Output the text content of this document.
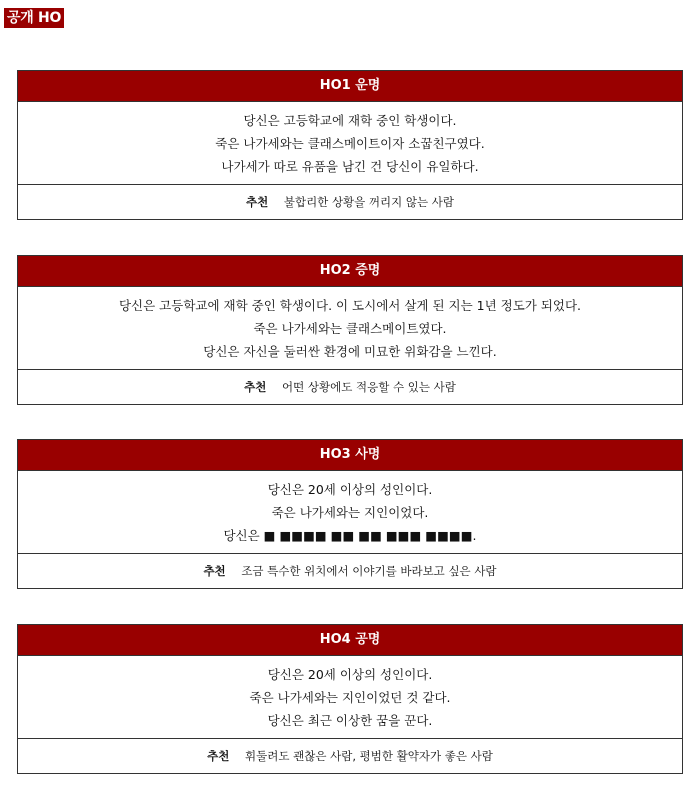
공개 HO
HO1 운명
당신은 고등학교에 재학 중인 학생이다.
죽은 나가세와는 클래스메이트이자 소꿉친구였다.
나가세가 따로 유품을 남긴 건 당신이 유일하다.
추천 불합리한 상황을 꺼리지 않는 사람
HO2 증명
당신은 고등학교에 재학 중인 학생이다. 이 도시에서 살게 된 지는 1년 정도가 되었다.
죽은 나가세와는 클래스메이트였다.
당신은 자신을 둘러싼 환경에 미묘한 위화감을 느낀다.
추천 어떤 상황에도 적응할 수 있는 사람
HO3 사명
당신은 20세 이상의 성인이다.
죽은 나가세와는 지인이었다.
당신은 ■ ■■■■ ■■ ■■ ■■■ ■■■■.
추천 조금 특수한 위치에서 이야기를 바라보고 싶은 사람
HO4 공명
당신은 20세 이상의 성인이다.
죽은 나가세와는 지인이었던 것 같다.
당신은 최근 이상한 꿈을 꾼다.
추천 휘둘려도 괜찮은 사람, 평범한 활약자가 좋은 사람
